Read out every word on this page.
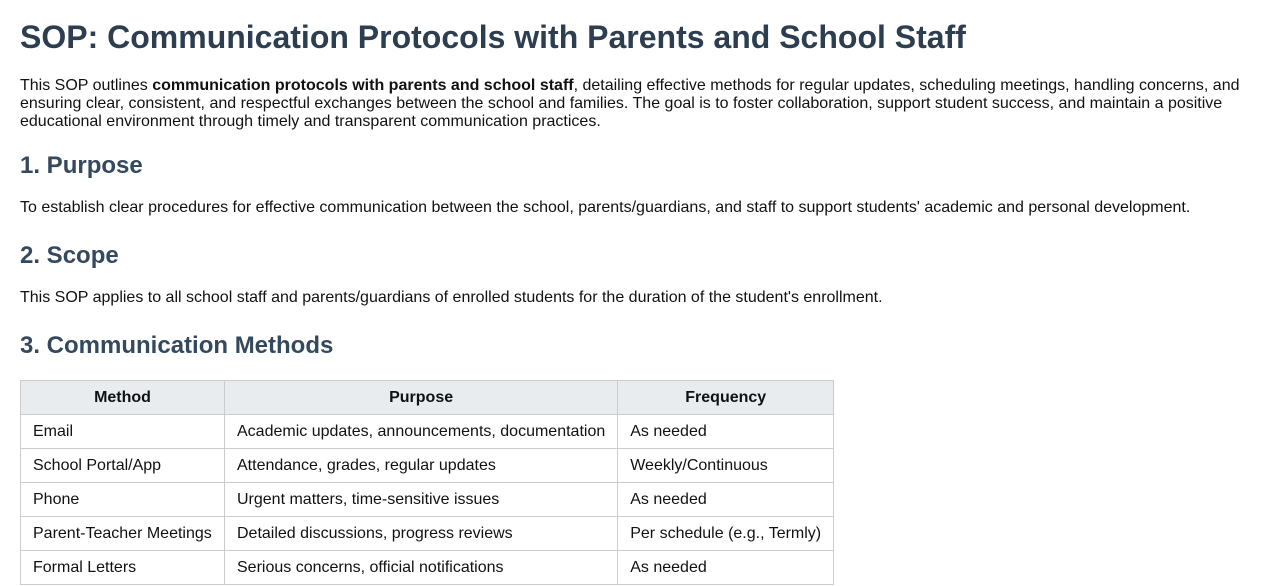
SOP: Communication Protocols with Parents and School Staff

This SOP outlines communication protocols with parents and school staff, detailing effective methods for regular updates, scheduling meetings, handling concerns, and ensuring clear, consistent, and respectful exchanges between the school and families. The goal is to foster collaboration, support student success, and maintain a positive educational environment through timely and transparent communication practices.

1. Purpose

To establish clear procedures for effective communication between the school, parents/guardians, and staff to support students' academic and personal development.

2. Scope

This SOP applies to all school staff and parents/guardians of enrolled students for the duration of the student's enrollment.

3. Communication Methods
Method	Purpose	Frequency
Email	Academic updates, announcements, documentation	As needed
School Portal/App	Attendance, grades, regular updates	Weekly/Continuous
Phone	Urgent matters, time-sensitive issues	As needed
Parent-Teacher Meetings	Detailed discussions, progress reviews	Per schedule (e.g., Termly)
Formal Letters	Serious concerns, official notifications	As needed
